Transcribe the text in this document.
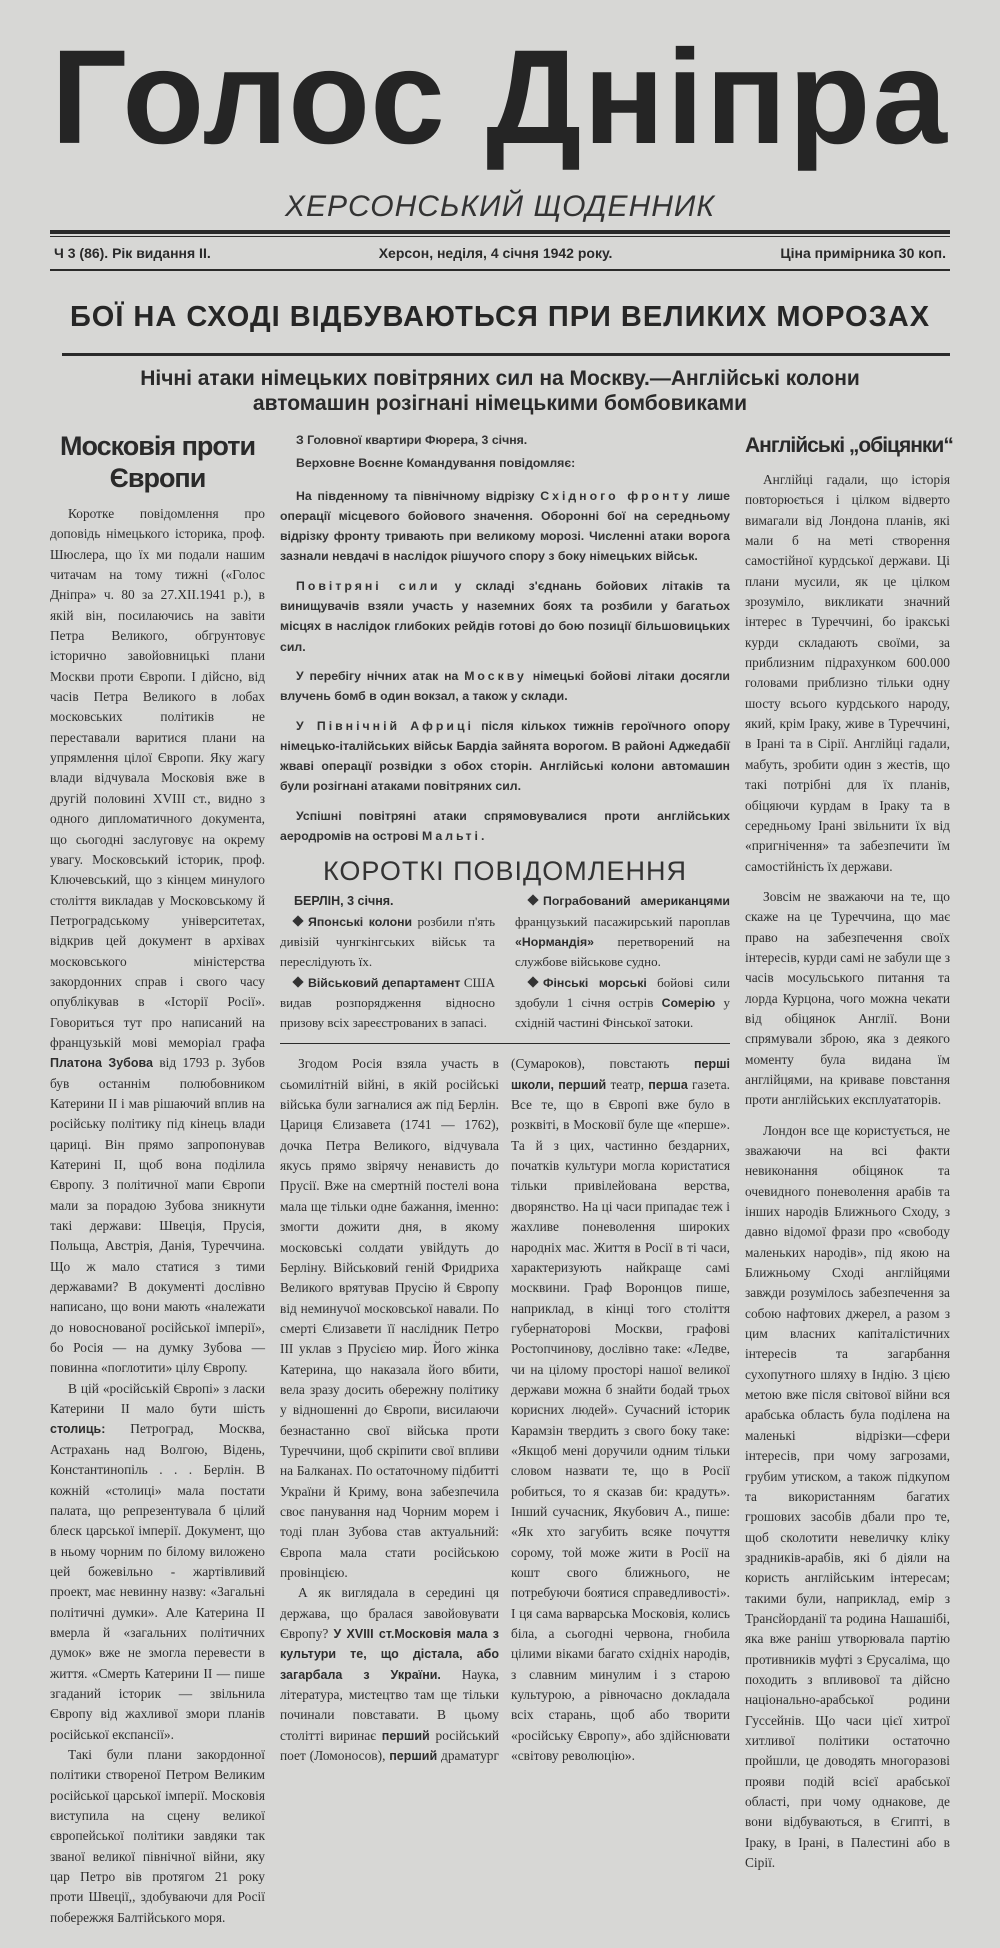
Голос Дніпра
ХЕРСОНСЬКИЙ ЩОДЕННИК
Ч 3 (86). Рік видання II.	Херсон, неділя, 4 січня 1942 року.	Ціна примірника 30 коп.
БОЇ НА СХОДІ ВІДБУВАЮТЬСЯ ПРИ ВЕЛИКИХ МОРОЗАХ
Нічні атаки німецьких повітряних сил на Москву.—Англійські колони
автомашин розігнані німецькими бомбовиками
Московія проти Європи

Коротке повідомлення про доповідь німецького історика, проф. Шюслера, що їх ми подали нашим читачам на тому тижні («Голос Дніпра» ч. 80 за 27.XII.1941 р.), в якій він, посилаючись на завіти Петра Великого, обгрунтовує історично завойовницькі плани Москви проти Європи. І дійсно, від часів Петра Великого в лобах московських політиків не переставали варитися плани на упрямлення цілої Європи. Яку жагу влади відчувала Московія вже в другій половині XVIII ст., видно з одного дипломатичного документа, що сьогодні заслуговує на окрему увагу. Московський історик, проф. Ключевський, що з кінцем минулого століття викладав у Московському й Петроградському університетах, відкрив цей документ в архівах московського міністерства закордонних справ і свого часу опублікував в «Історії Росії». Говориться тут про написаний на французькій мові меморіал графа Платона Зубова від 1793 р. Зубов був останнім полюбовником Катерини II і мав рішаючий вплив на російську політику під кінець влади цариці. Він прямо запропонував Катерині II, щоб вона поділила Європу. З політичної мапи Європи мали за порадою Зубова зникнути такі держави: Швеція, Прусія, Польща, Австрія, Данія, Туреччина. Що ж мало статися з тими державами? В документі дослівно написано, що вони мають «належати до новоснованої російської імперії», бо Росія — на думку Зубова — повинна «поглотити» цілу Європу.

В цій «російській Європі» з ласки Катерини II мало бути шість столиць: Петроград, Москва, Астрахань над Волгою, Відень, Константинопіль . . . Берлін. В кожній «столиці» мала постати палата, що репрезентувала б цілий блеск царської імперії. Документ, що в ньому чорним по білому виложено цей божевільно - жартівливий проект, має невинну назву: «Загальні політичні думки». Але Катерина II вмерла й «загальних політичних думок» вже не змогла перевести в життя. «Смерть Катерини II — пише згаданий історик — звільнила Європу від жахливої змори планів російської експансії».

Такі були плани закордонної політики створеної Петром Великим російської царської імперії. Московія виступила на сцену великої європейської політики завдяки так званої великої північної війни, яку цар Петро вів протягом 21 року проти Швеції,, здобуваючи для Росії побережжя Балтійського моря.

З Головної квартири Фюрера, 3 січня.
Верховне Воєнне Командування повідомляє:

На південному та північному відрізку Східного фронту лише операції місцевого бойового значення. Оборонні бої на середньому відрізку фронту тривають при великому морозі. Численні атаки ворога зазнали невдачі в наслідок рішучого спору з боку німецьких військ.

Повітряні сили у складі з'єднань бойових літаків та винищувачів взяли участь у наземних боях та розбили у багатьох місцях в наслідок глибоких рейдів готові до бою позиції більшовицьких сил.

У перебігу нічних атак на Москву німецькі бойові літаки досягли влучень бомб в один вокзал, а також у склади.

У Північній Африці після кількох тижнів героїчного опору німецько-італійських військ Бардіа зайнята ворогом. В районі Аджедабії жваві операції розвідки з обох сторін. Англійські колони автомашин були розігнані атаками повітряних сил.

Успішні повітряні атаки спрямовувалися проти англійських аеродромів на острові Мальті.

КОРОТКІ ПОВІДОМЛЕННЯ
БЕРЛІН, 3 січня.
Японські колони розбили п'ять дивізій чунгкінгських військ та переслідують їх.
Військовий департамент США видав розпорядження відносно призову всіх зареєстрованих в запасі.
Пограбований американцями французький пасажирський пароплав «Нормандія» перетворений на службове військове судно.
Фінські морські бойові сили здобули 1 січня острів Сомерію у східній частині Фінської затоки.

Згодом Росія взяла участь в сьомилітній війні, в якій російські війська були загналися аж під Берлін. Цариця Єлизавета (1741 — 1762), дочка Петра Великого, відчувала якусь прямо звірячу ненависть до Прусії. Вже на смертній постелі вона мала ще тільки одне бажання, іменно: змогти дожити дня, в якому московські солдати увійдуть до Берліну. Військовий геній Фридриха Великого врятував Прусію й Європу від неминучої московської навали. По смерті Єлизавети її наслідник Петро III уклав з Прусією мир. Його жінка Катерина, що наказала його вбити, вела зразу досить обережну політику у відношенні до Європи, висилаючи безнастанно свої війська проти Туреччини, щоб скріпити свої впливи на Балканах. По остаточному підбитті України й Криму, вона забезпечила своє панування над Чорним морем і тоді план Зубова став актуальний: Європа мала стати російською провінцією.

А як виглядала в середині ця держава, що бралася завойовувати Європу? У XVIII ст.Московія мала з культури те, що дістала, або загарбала з України. Наука, література, мистецтво там ще тільки починали повставати. В цьому столітті виринає перший російський поет (Ломоносов), перший драматург (Сумароков), повстають перші школи, перший театр, перша газета. Все те, що в Європі вже було в розквіті, в Московії буле ще «перше». Та й з цих, частинно бездарних, початків культури могла користатися тільки привілейована верства, дворянство. На ці часи припадає теж і жахливе поневолення широких народніх мас. Життя в Росії в ті часи, характеризують найкраще самі москвини. Граф Воронцов пише, наприклад, в кінці того століття губернаторові Москви, графові Ростопчинову, дослівно таке: «Ледве, чи на цілому просторі нашої великої держави можна б знайти бодай трьох корисних людей». Сучасний історик Карамзін твердить з свого боку таке: «Якщоб мені доручили одним тільки словом назвати те, що в Росії робиться, то я сказав би: крадуть». Інший сучасник, Якубович А., пише: «Як хто загубить всяке почуття сорому, той може жити в Росії на кошт свого ближнього, не потребуючи боятися справедливості». І ця сама варварська Московія, колись біла, а сьогодні червона, гнобила цілими віками багато східніх народів, з славним минулим і з старою культурою, а рівночасно докладала всіх старань, щоб або творити «російську Європу», або здійснювати «світову революцію».

Англійські „обіцянки“

Англійці гадали, що історія повторюється і цілком відверто вимагали від Лондона планів, які мали б на меті створення самостійної курдської держави. Ці плани мусили, як це цілком зрозуміло, викликати значний інтерес в Туреччині, бо іракські курди складають своїми, за приблизним підрахунком 600.000 головами приблизно тільки одну шосту всього курдського народу, який, крім Іраку, живе в Туреччині, в Ірані та в Сірії. Англійці гадали, мабуть, зробити один з жестів, що такі потрібні для їх планів, обіцяючи курдам в Іраку та в середньому Ірані звільнити їх від «пригнічення» та забезпечити їм самостійність їх держави.

Зовсім не зважаючи на те, що скаже на це Туреччина, що має право на забезпечення своїх інтересів, курди самі не забули ще з часів мосульського питання та лорда Курцона, чого можна чекати від обіцянок Англії. Вони спрямували зброю, яка з деякого моменту була видана їм англійцями, на криваве повстання проти англійських експлуататорів.

Лондон все ще користується, не зважаючи на всі факти невиконання обіцянок та очевидного поневолення арабів та інших народів Ближнього Сходу, з давно відомої фрази про «свободу маленьких народів», під якою на Ближньому Сході англійцями завжди розумілось забезпечення за собою нафтових джерел, а разом з цим власних капіталістичних інтересів та загарбання сухопутного шляху в Індію. З цією метою вже після світової війни вся арабська область була поділена на маленькі відрізки—сфери інтересів, при чому загрозами, грубим утиском, а також підкупом та використанням багатих грошових засобів дбали про те, щоб сколотити невеличку кліку зрадників-арабів, які б діяли на користь англійським інтересам; такими були, наприклад, емір з Трансйорданії та родина Нашашібі, яка вже раніш утворювала партію противників муфті з Єрусаліма, що походить з впливової та дійсно національно-арабської родини Гуссейнів. Що часи цієї хитрої хитливої політики остаточно пройшли, це доводять многоразові прояви подій всієї арабської області, при чому однакове, де вони відбуваються, в Єгипті, в Іраку, в Ірані, в Палестині або в Сірії.
